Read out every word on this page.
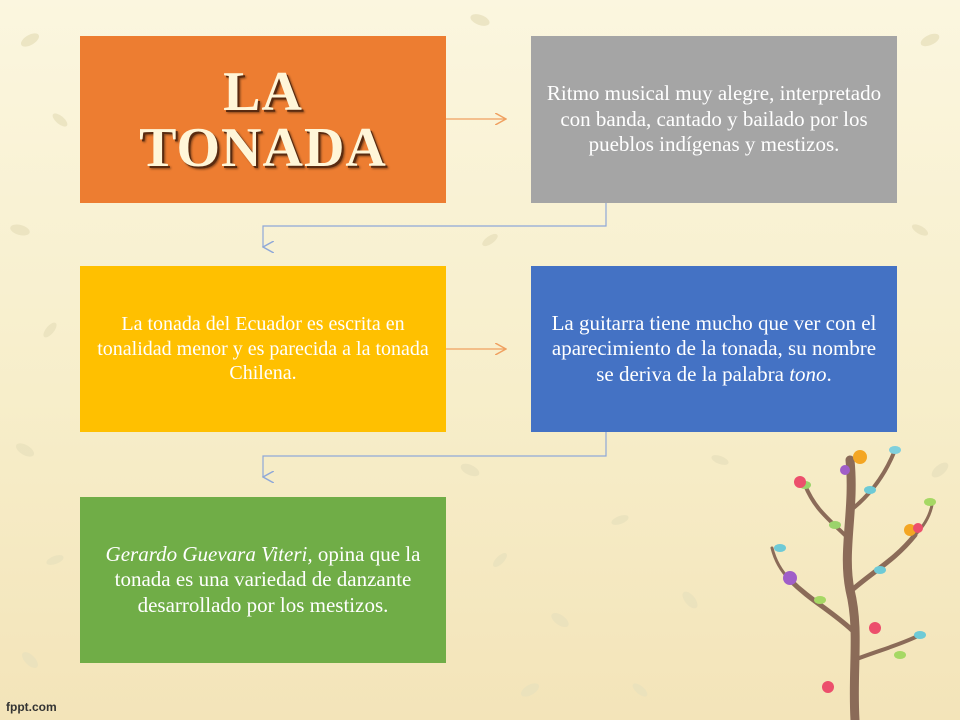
LA
TONADA
Ritmo musical muy alegre, interpretado con banda, cantado y bailado por los pueblos indígenas y mestizos.
La tonada del Ecuador es escrita en tonalidad menor y es parecida a la tonada Chilena.
La guitarra tiene mucho que ver con el aparecimiento de la tonada, su nombre se deriva de la palabra tono.
Gerardo Guevara Viteri, opina que la tonada es una variedad de danzante desarrollado por los mestizos.
fppt.com
